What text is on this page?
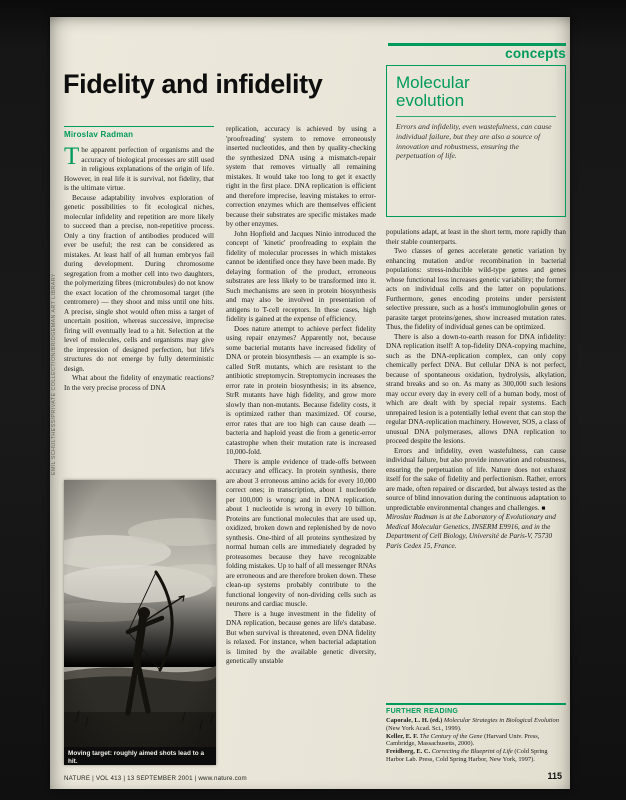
EMIL SCHULTHESS/PRIVATE COLLECTION/BRIDGEMAN ART LIBRARY
concepts
Fidelity and infidelity
Miroslav Radman

The apparent perfection of organisms and the accuracy of biological processes are still used in religious explanations of the origin of life. However, in real life it is survival, not fidelity, that is the ultimate virtue.

Because adaptability involves exploration of genetic possibilities to fit ecological niches, molecular infidelity and repetition are more likely to succeed than a precise, non-repetitive process. Only a tiny fraction of antibodies produced will ever be useful; the rest can be considered as mistakes. At least half of all human embryos fail during development. During chromosome segregation from a mother cell into two daughters, the polymerizing fibres (microtubules) do not know the exact location of the chromosomal target (the centromere) — they shoot and miss until one hits. A precise, single shot would often miss a target of uncertain position, whereas successive, imprecise firing will eventually lead to a hit. Selection at the level of molecules, cells and organisms may give the impression of designed perfection, but life's structures do not emerge by fully deterministic design.

What about the fidelity of enzymatic reactions? In the very precise process of DNA

Moving target: roughly aimed shots lead to a hit.

replication, accuracy is achieved by using a 'proofreading' system to remove erroneously inserted nucleotides, and then by quality-checking the synthesized DNA using a mismatch-repair system that removes virtually all remaining mistakes. It would take too long to get it exactly right in the first place. DNA replication is efficient and therefore imprecise, leaving mistakes to error-correction enzymes which are themselves efficient because their substrates are specific mistakes made by other enzymes.

John Hopfield and Jacques Ninio introduced the concept of 'kinetic' proofreading to explain the fidelity of molecular processes in which mistakes cannot be identified once they have been made. By delaying formation of the product, erroneous substrates are less likely to be transformed into it. Such mechanisms are seen in protein biosynthesis and may also be involved in presentation of antigens to T-cell receptors. In these cases, high fidelity is gained at the expense of efficiency.

Does nature attempt to achieve perfect fidelity using repair enzymes? Apparently not, because some bacterial mutants have increased fidelity of DNA or protein biosynthesis — an example is so-called StrR mutants, which are resistant to the antibiotic streptomycin. Streptomycin increases the error rate in protein biosynthesis; in its absence, StrR mutants have high fidelity, and grow more slowly than non-mutants. Because fidelity costs, it is optimized rather than maximized. Of course, error rates that are too high can cause death — bacteria and haploid yeast die from a genetic-error catastrophe when their mutation rate is increased 10,000-fold.

There is ample evidence of trade-offs between accuracy and efficacy. In protein synthesis, there are about 3 erroneous amino acids for every 10,000 correct ones; in transcription, about 1 nucleotide per 100,000 is wrong; and in DNA replication, about 1 nucleotide is wrong in every 10 billion. Proteins are functional molecules that are used up, oxidized, broken down and replenished by de novo synthesis. One-third of all proteins synthesized by normal human cells are immediately degraded by proteasomes because they have recognizable folding mistakes. Up to half of all messenger RNAs are erroneous and are therefore broken down. These clean-up systems probably contribute to the functional longevity of non-dividing cells such as neurons and cardiac muscle.

There is a huge investment in the fidelity of DNA replication, because genes are life's database. But when survival is threatened, even DNA fidelity is relaxed. For instance, when bacterial adaptation is limited by the available genetic diversity, genetically unstable

Molecular evolution

Errors and infidelity, even wastefulness, can cause individual failure, but they are also a source of innovation and robustness, ensuring the perpetuation of life.

populations adapt, at least in the short term, more rapidly than their stable counterparts.

Two classes of genes accelerate genetic variation by enhancing mutation and/or recombination in bacterial populations: stress-inducible wild-type genes and genes whose functional loss increases genetic variability; the former acts on individual cells and the latter on populations. Furthermore, genes encoding proteins under persistent selective pressure, such as a host's immunoglobulin genes or parasite target proteins/genes, show increased mutation rates. Thus, the fidelity of individual genes can be optimized.

There is also a down-to-earth reason for DNA infidelity: DNA replication itself! A top-fidelity DNA-copying machine, such as the DNA-replication complex, can only copy chemically perfect DNA. But cellular DNA is not perfect, because of spontaneous oxidation, hydrolysis, alkylation, strand breaks and so on. As many as 300,000 such lesions may occur every day in every cell of a human body, most of which are dealt with by special repair systems. Each unrepaired lesion is a potentially lethal event that can stop the regular DNA-replication machinery. However, SOS, a class of unusual DNA polymerases, allows DNA replication to proceed despite the lesions.

Errors and infidelity, even wastefulness, can cause individual failure, but also provide innovation and robustness, ensuring the perpetuation of life. Nature does not exhaust itself for the sake of fidelity and perfectionism. Rather, errors are made, often repaired or discarded, but always tested as the source of blind innovation during the continuous adaptation to unpredictable environmental changes and challenges. ■

Miroslav Radman is at the Laboratory of Evolutionary and Medical Molecular Genetics, INSERM E9916, and in the Department of Cell Biology, Université de Paris-V, 75730 Paris Cedex 15, France.

FURTHER READING

Caporale, L. H. (ed.) Molecular Strategies in Biological Evolution (New York Acad. Sci., 1999).

Keller, E. F. The Century of the Gene (Harvard Univ. Press, Cambridge, Massachusetts, 2000).

Freidberg, E. C. Correcting the Blueprint of Life (Cold Spring Harbor Lab. Press, Cold Spring Harbor, New York, 1997).

NATURE | VOL 413 | 13 SEPTEMBER 2001 | www.nature.com	115
